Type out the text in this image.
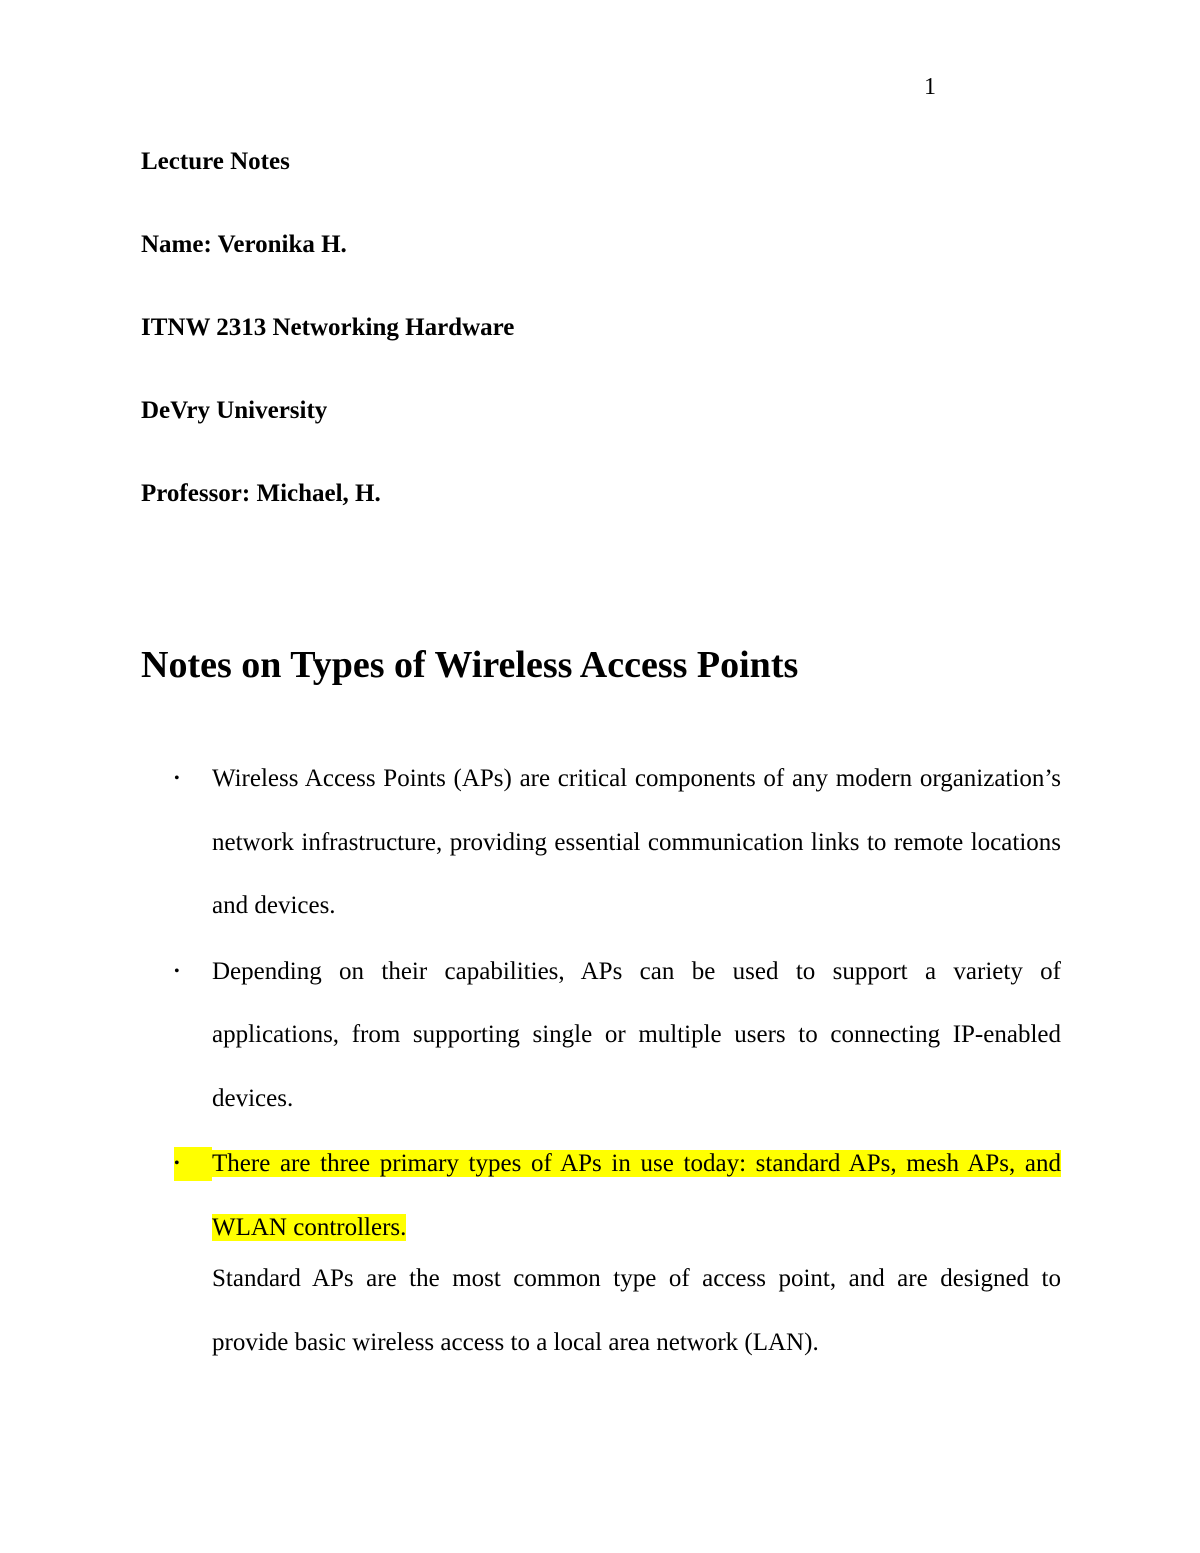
1
Lecture Notes
Name: Veronika H.
ITNW 2313 Networking Hardware
DeVry University
Professor: Michael, H.
Notes on Types of Wireless Access Points
• Wireless Access Points (APs) are critical components of any modern organization’s network infrastructure, providing essential communication links to remote locations and devices.
• Depending on their capabilities, APs can be used to support a variety of applications, from supporting single or multiple users to connecting IP-enabled devices.
• There are three primary types of APs in use today: standard APs, mesh APs, and WLAN controllers.
Standard APs are the most common type of access point, and are designed to provide basic wireless access to a local area network (LAN).
